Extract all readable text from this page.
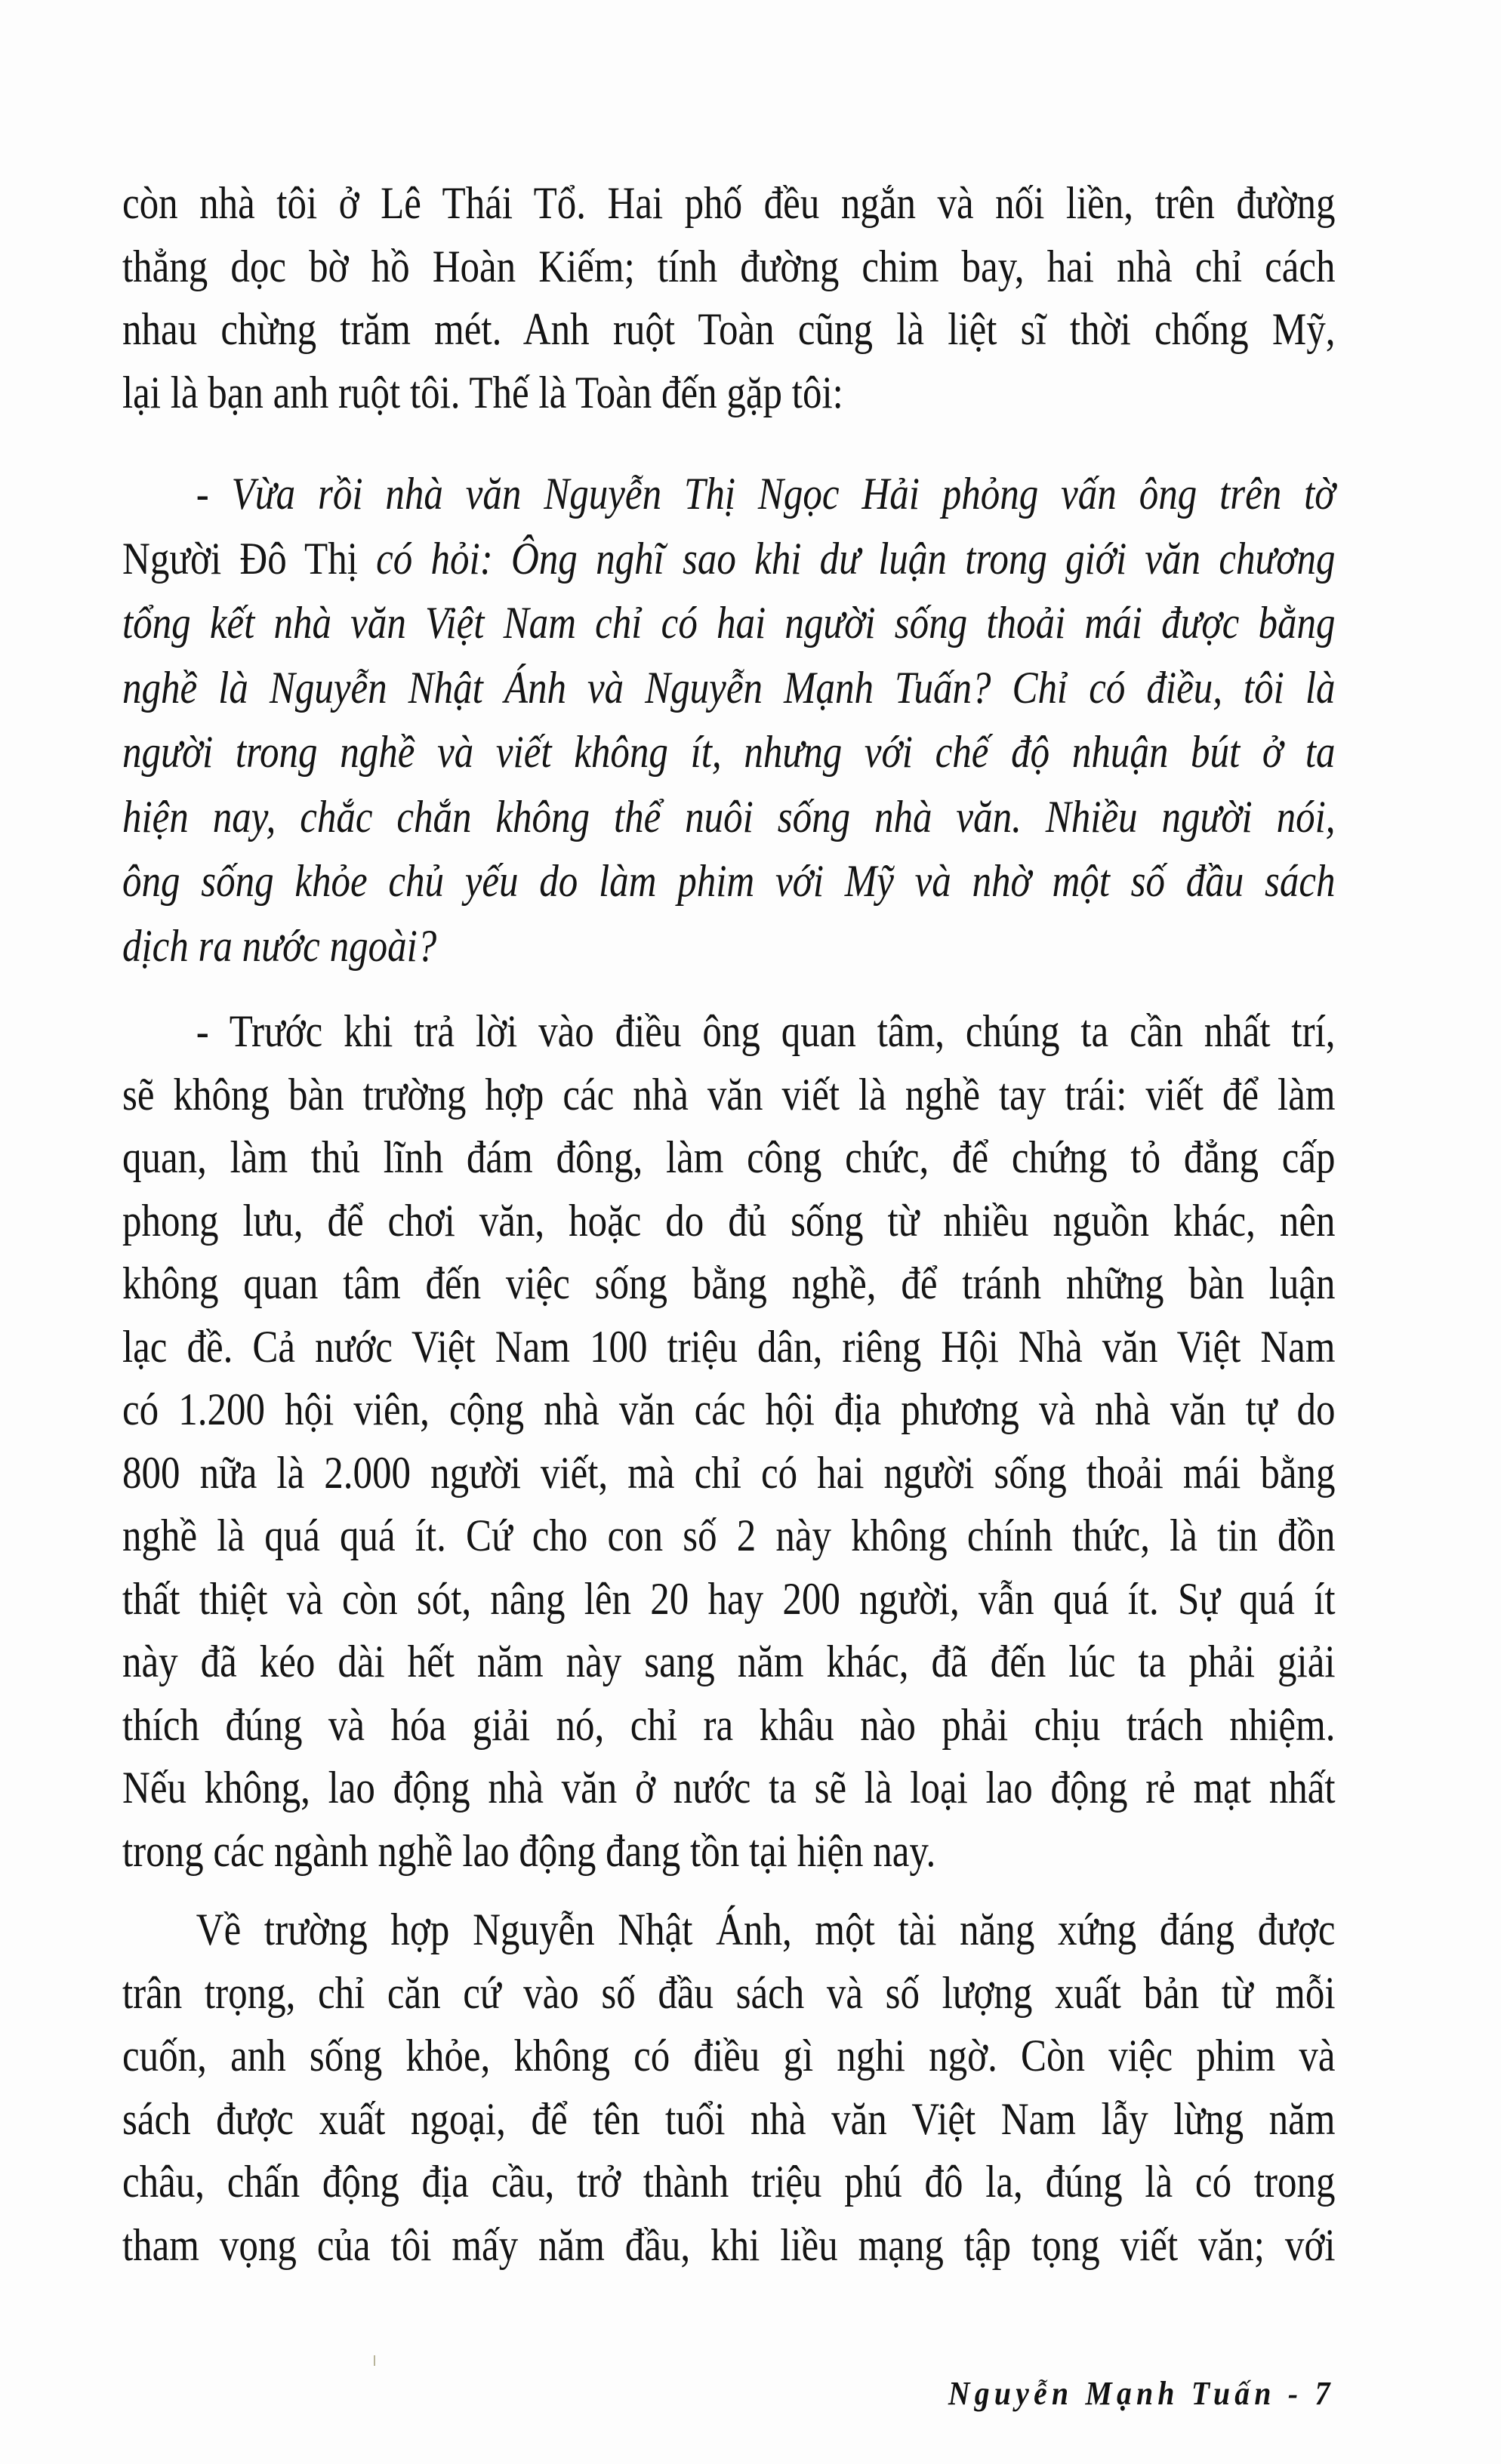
còn nhà tôi ở Lê Thái Tổ. Hai phố đều ngắn và nối liền, trên đường
thẳng dọc bờ hồ Hoàn Kiếm; tính đường chim bay, hai nhà chỉ cách
nhau chừng trăm mét. Anh ruột Toàn cũng là liệt sĩ thời chống Mỹ,
lại là bạn anh ruột tôi. Thế là Toàn đến gặp tôi:
- Vừa rồi nhà văn Nguyễn Thị Ngọc Hải phỏng vấn ông trên tờ
Người Đô Thị có hỏi: Ông nghĩ sao khi dư luận trong giới văn chương
tổng kết nhà văn Việt Nam chỉ có hai người sống thoải mái được bằng
nghề là Nguyễn Nhật Ánh và Nguyễn Mạnh Tuấn? Chỉ có điều, tôi là
người trong nghề và viết không ít, nhưng với chế độ nhuận bút ở ta
hiện nay, chắc chắn không thể nuôi sống nhà văn. Nhiều người nói,
ông sống khỏe chủ yếu do làm phim với Mỹ và nhờ một số đầu sách
dịch ra nước ngoài?
- Trước khi trả lời vào điều ông quan tâm, chúng ta cần nhất trí,
sẽ không bàn trường hợp các nhà văn viết là nghề tay trái: viết để làm
quan, làm thủ lĩnh đám đông, làm công chức, để chứng tỏ đẳng cấp
phong lưu, để chơi văn, hoặc do đủ sống từ nhiều nguồn khác, nên
không quan tâm đến việc sống bằng nghề, để tránh những bàn luận
lạc đề. Cả nước Việt Nam 100 triệu dân, riêng Hội Nhà văn Việt Nam
có 1.200 hội viên, cộng nhà văn các hội địa phương và nhà văn tự do
800 nữa là 2.000 người viết, mà chỉ có hai người sống thoải mái bằng
nghề là quá quá ít. Cứ cho con số 2 này không chính thức, là tin đồn
thất thiệt và còn sót, nâng lên 20 hay 200 người, vẫn quá ít. Sự quá ít
này đã kéo dài hết năm này sang năm khác, đã đến lúc ta phải giải
thích đúng và hóa giải nó, chỉ ra khâu nào phải chịu trách nhiệm.
Nếu không, lao động nhà văn ở nước ta sẽ là loại lao động rẻ mạt nhất
trong các ngành nghề lao động đang tồn tại hiện nay.
Về trường hợp Nguyễn Nhật Ánh, một tài năng xứng đáng được
trân trọng, chỉ căn cứ vào số đầu sách và số lượng xuất bản từ mỗi
cuốn, anh sống khỏe, không có điều gì nghi ngờ. Còn việc phim và
sách được xuất ngoại, để tên tuổi nhà văn Việt Nam lẫy lừng năm
châu, chấn động địa cầu, trở thành triệu phú đô la, đúng là có trong
tham vọng của tôi mấy năm đầu, khi liều mạng tập tọng viết văn; với
Nguyễn Mạnh Tuấn - 7
